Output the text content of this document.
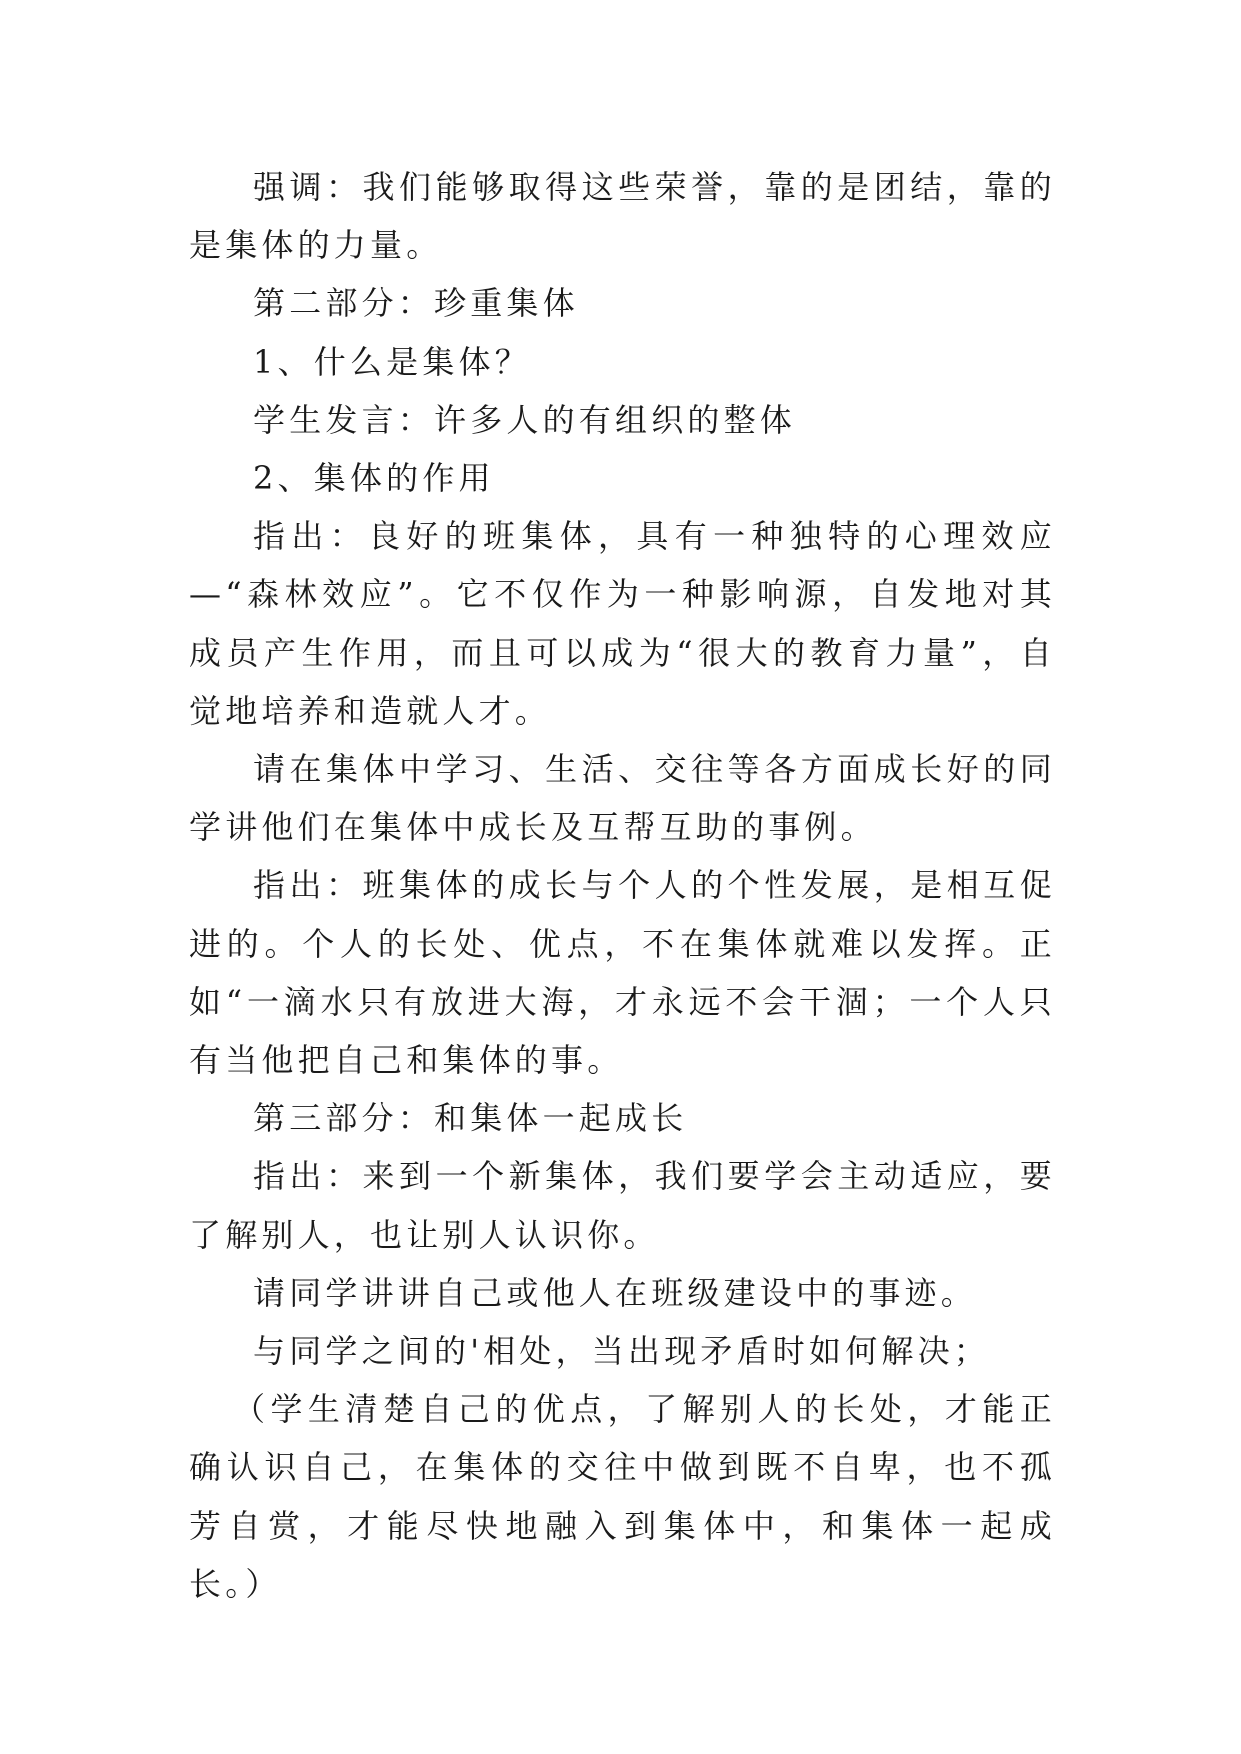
强调：我们能够取得这些荣誉，靠的是团结，靠的是集体的力量。

第二部分：珍重集体

1、什么是集体？

学生发言：许多人的有组织的整体

2、集体的作用

指出：良好的班集体，具有一种独特的心理效应—“森林效应”。它不仅作为一种影响源，自发地对其成员产生作用，而且可以成为“很大的教育力量”，自觉地培养和造就人才。

请在集体中学习、生活、交往等各方面成长好的同学讲他们在集体中成长及互帮互助的事例。

指出：班集体的成长与个人的个性发展，是相互促进的。个人的长处、优点，不在集体就难以发挥。正如“一滴水只有放进大海，才永远不会干涸；一个人只有当他把自己和集体的事。

第三部分：和集体一起成长

指出：来到一个新集体，我们要学会主动适应，要了解别人，也让别人认识你。

请同学讲讲自己或他人在班级建设中的事迹。

与同学之间的'相处，当出现矛盾时如何解决；

（学生清楚自己的优点，了解别人的长处，才能正确认识自己，在集体的交往中做到既不自卑，也不孤芳自赏，才能尽快地融入到集体中，和集体一起成长。）
